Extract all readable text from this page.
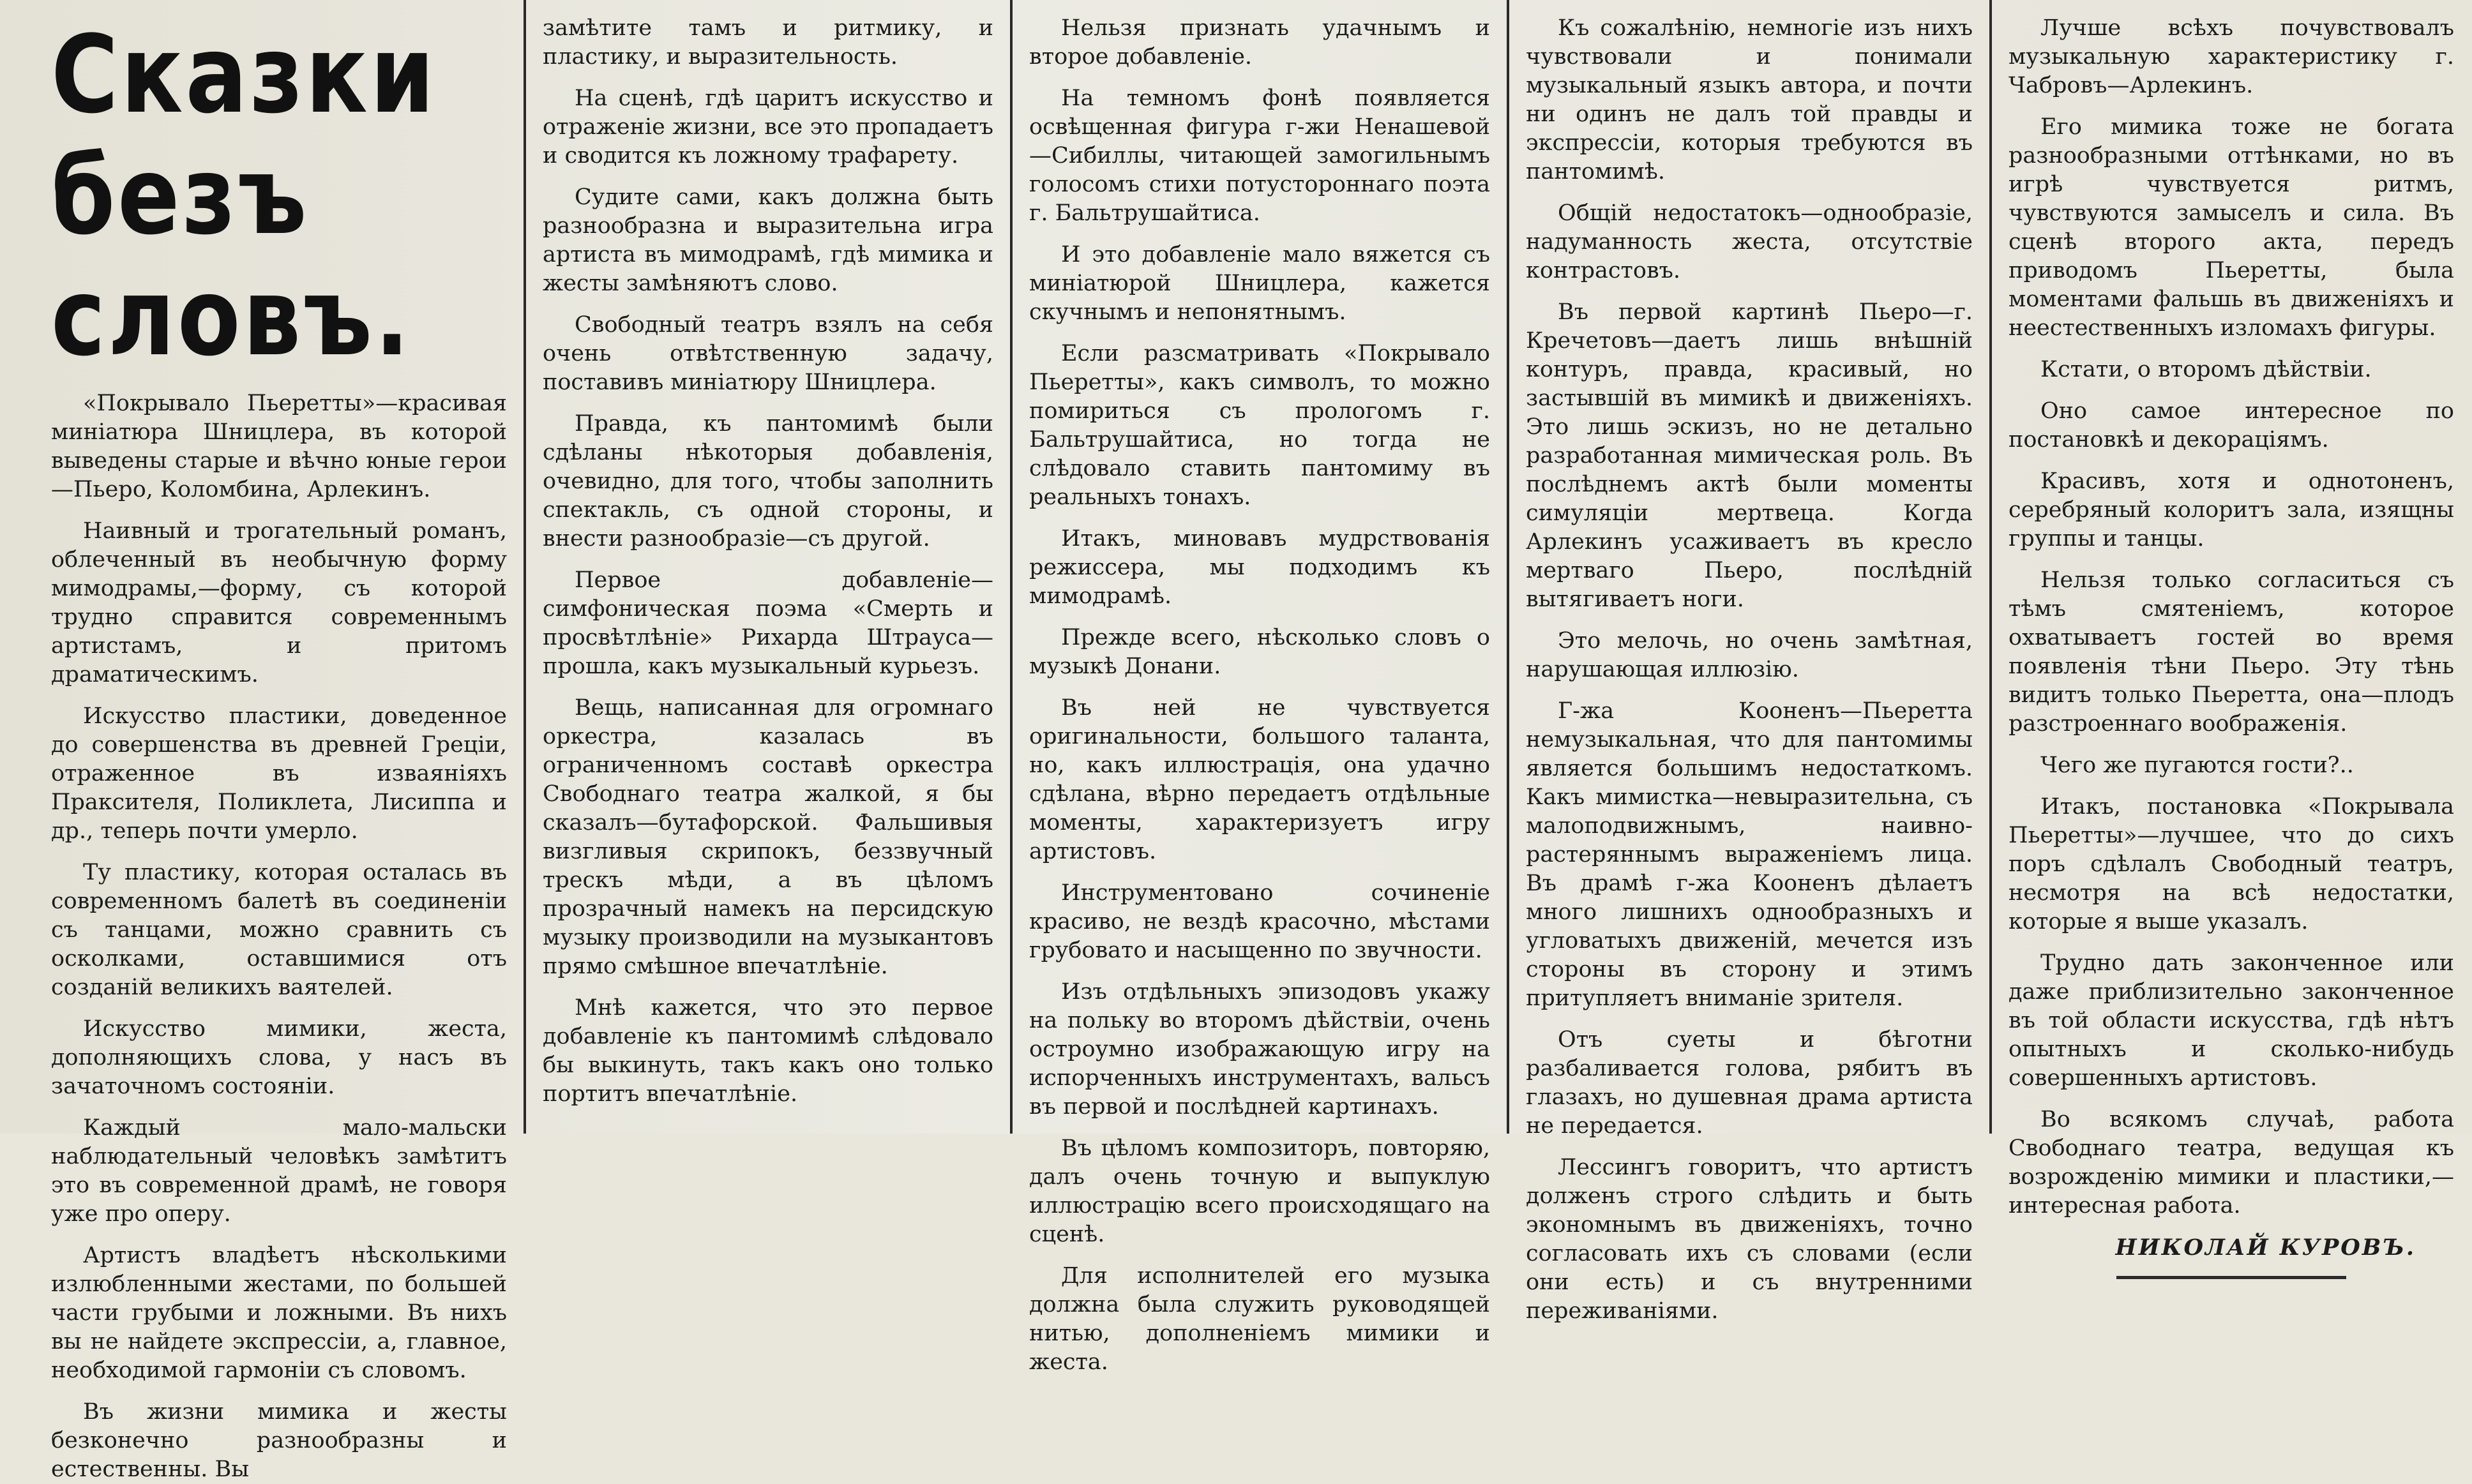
Сказки безъ словъ.

«Покрывало Пьеретты»—красивая миніатюра Шницлера, въ которой выведены старые и вѣчно юные герои—Пьеро, Коломбина, Арлекинъ.

Наивный и трогательный романъ, облеченный въ необычную форму мимодрамы,—форму, съ которой трудно справится современнымъ артистамъ, и притомъ драматическимъ.

Искусство пластики, доведенное до совершенства въ древней Греціи, отраженное въ изваяніяхъ Праксителя, Поликлета, Лисиппа и др., теперь почти умерло.

Ту пластику, которая осталась въ современномъ балетѣ въ соединеніи съ танцами, можно сравнить съ осколками, оставшимися отъ созданій великихъ ваятелей.

Искусство мимики, жеста, дополняющихъ слова, у насъ въ зачаточномъ состояніи.

Каждый мало-мальски наблюдательный человѣкъ замѣтитъ это въ современной драмѣ, не говоря уже про оперу.

Артистъ владѣетъ нѣсколькими излюбленными жестами, по большей части грубыми и ложными. Въ нихъ вы не найдете экспрессіи, а, главное, необходимой гармоніи съ словомъ.

Въ жизни мимика и жесты безконечно разнообразны и естественны. Вы

замѣтите тамъ и ритмику, и пластику, и выразительность.

На сценѣ, гдѣ царитъ искусство и отраженіе жизни, все это пропадаетъ и сводится къ ложному трафарету.

Судите сами, какъ должна быть разнообразна и выразительна игра артиста въ мимодрамѣ, гдѣ мимика и жесты замѣняютъ слово.

Свободный театръ взялъ на себя очень отвѣтственную задачу, поставивъ миніатюру Шницлера.

Правда, къ пантомимѣ были сдѣланы нѣкоторыя добавленія, очевидно, для того, чтобы заполнить спектакль, съ одной стороны, и внести разнообразіе—съ другой.

Первое добавленіе—симфоническая поэма «Смерть и просвѣтлѣніе» Рихарда Штрауса—прошла, какъ музыкальный курьезъ.

Вещь, написанная для огромнаго оркестра, казалась въ ограниченномъ составѣ оркестра Свободнаго театра жалкой, я бы сказалъ—бутафорской. Фальшивыя визгливыя скрипокъ, беззвучный трескъ мѣди, а въ цѣломъ прозрачный намекъ на персидскую музыку производили на музыкантовъ прямо смѣшное впечатлѣніе.

Мнѣ кажется, что это первое добавленіе къ пантомимѣ слѣдовало бы выкинуть, такъ какъ оно только портитъ впечатлѣніе.

Нельзя признать удачнымъ и второе добавленіе.

На темномъ фонѣ появляется освѣщенная фигура г-жи Ненашевой—Сибиллы, читающей замогильнымъ голосомъ стихи потустороннаго поэта г. Бальтрушайтиса.

И это добавленіе мало вяжется съ миніатюрой Шницлера, кажется скучнымъ и непонятнымъ.

Если разсматривать «Покрывало Пьеретты», какъ символъ, то можно помириться съ прологомъ г. Бальтрушайтиса, но тогда не слѣдовало ставить пантомиму въ реальныхъ тонахъ.

Итакъ, миновавъ мудрствованія режиссера, мы подходимъ къ мимодрамѣ.

Прежде всего, нѣсколько словъ о музыкѣ Донани.

Въ ней не чувствуется оригинальности, большого таланта, но, какъ иллюстрація, она удачно сдѣлана, вѣрно передаетъ отдѣльные моменты, характеризуетъ игру артистовъ.

Инструментовано сочиненіе красиво, не вездѣ красочно, мѣстами грубовато и насыщенно по звучности.

Изъ отдѣльныхъ эпизодовъ укажу на польку во второмъ дѣйствіи, очень остроумно изображающую игру на испорченныхъ инструментахъ, вальсъ въ первой и послѣдней картинахъ.

Въ цѣломъ композиторъ, повторяю, далъ очень точную и выпуклую иллюстрацію всего происходящаго на сценѣ.

Для исполнителей его музыка должна была служить руководящей нитью, дополненіемъ мимики и жеста.

Къ сожалѣнію, немногіе изъ нихъ чувствовали и понимали музыкальный языкъ автора, и почти ни одинъ не далъ той правды и экспрессіи, которыя требуются въ пантомимѣ.

Общій недостатокъ—однообразіе, надуманность жеста, отсутствіе контрастовъ.

Въ первой картинѣ Пьеро—г. Кречетовъ—даетъ лишь внѣшній контуръ, правда, красивый, но застывшій въ мимикѣ и движеніяхъ. Это лишь эскизъ, но не детально разработанная мимическая роль. Въ послѣднемъ актѣ были моменты симуляціи мертвеца. Когда Арлекинъ усаживаетъ въ кресло мертваго Пьеро, послѣдній вытягиваетъ ноги.

Это мелочь, но очень замѣтная, нарушающая иллюзію.

Г-жа Кооненъ—Пьеретта немузыкальная, что для пантомимы является большимъ недостаткомъ. Какъ мимистка—невыразительна, съ малоподвижнымъ, наивно-растеряннымъ выраженіемъ лица. Въ драмѣ г-жа Кооненъ дѣлаетъ много лишнихъ однообразныхъ и угловатыхъ движеній, мечется изъ стороны въ сторону и этимъ притупляетъ вниманіе зрителя.

Отъ суеты и бѣготни разбаливается голова, рябитъ въ глазахъ, но душевная драма артиста не передается.

Лессингъ говоритъ, что артистъ долженъ строго слѣдить и быть экономнымъ въ движеніяхъ, точно согласовать ихъ съ словами (если они есть) и съ внутренними переживаніями.

Лучше всѣхъ почувствовалъ музыкальную характеристику г. Чабровъ—Арлекинъ.

Его мимика тоже не богата разнообразными оттѣнками, но въ игрѣ чувствуется ритмъ, чувствуются замыселъ и сила. Въ сценѣ второго акта, передъ приводомъ Пьеретты, была моментами фальшь въ движеніяхъ и неестественныхъ изломахъ фигуры.

Кстати, о второмъ дѣйствіи.

Оно самое интересное по постановкѣ и декораціямъ.

Красивъ, хотя и однотоненъ, серебряный колоритъ зала, изящны группы и танцы.

Нельзя только согласиться съ тѣмъ смятеніемъ, которое охватываетъ гостей во время появленія тѣни Пьеро. Эту тѣнь видитъ только Пьеретта, она—плодъ разстроеннаго воображенія.

Чего же пугаются гости?..

Итакъ, постановка «Покрывала Пьеретты»—лучшее, что до сихъ поръ сдѣлалъ Свободный театръ, несмотря на всѣ недостатки, которые я выше указалъ.

Трудно дать законченное или даже приблизительно законченное въ той области искусства, гдѣ нѣтъ опытныхъ и сколько-нибудь совершенныхъ артистовъ.

Во всякомъ случаѣ, работа Свободнаго театра, ведущая къ возрожденію мимики и пластики,—интересная работа.

НИКОЛАЙ КУРОВЪ.
